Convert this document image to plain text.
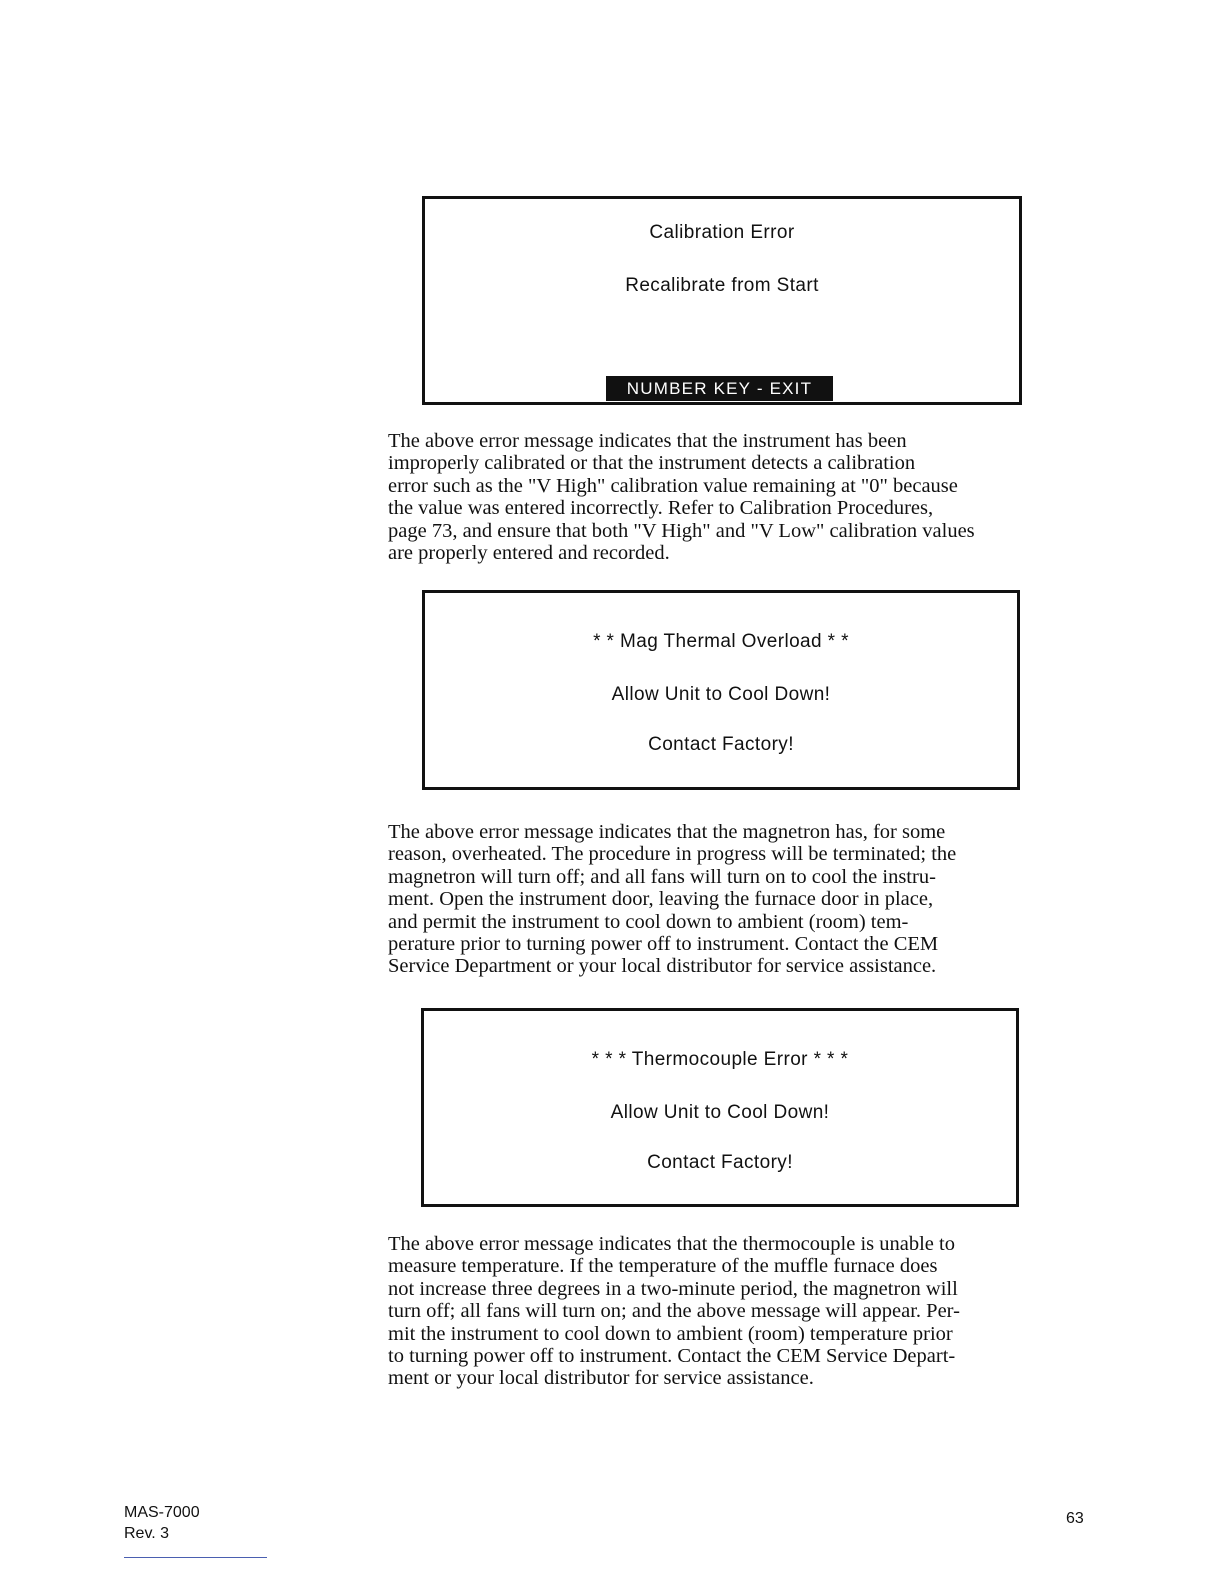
Calibration Error
Recalibrate from Start
NUMBER KEY - EXIT

The above error message indicates that the instrument has been
improperly calibrated or that the instrument detects a calibration
error such as the "V High" calibration value remaining at "0" because
the value was entered incorrectly. Refer to Calibration Procedures,
page 73, and ensure that both "V High" and "V Low" calibration values
are properly entered and recorded.

* * Mag Thermal Overload * *
Allow Unit to Cool Down!
Contact Factory!

The above error message indicates that the magnetron has, for some
reason, overheated. The procedure in progress will be terminated; the
magnetron will turn off; and all fans will turn on to cool the instru-
ment. Open the instrument door, leaving the furnace door in place,
and permit the instrument to cool down to ambient (room) tem-
perature prior to turning power off to instrument. Contact the CEM
Service Department or your local distributor for service assistance.

* * * Thermocouple Error * * *
Allow Unit to Cool Down!
Contact Factory!

The above error message indicates that the thermocouple is unable to
measure temperature. If the temperature of the muffle furnace does
not increase three degrees in a two-minute period, the magnetron will
turn off; all fans will turn on; and the above message will appear. Per-
mit the instrument to cool down to ambient (room) temperature prior
to turning power off to instrument. Contact the CEM Service Depart-
ment or your local distributor for service assistance.

MAS-7000
Rev. 3
63
